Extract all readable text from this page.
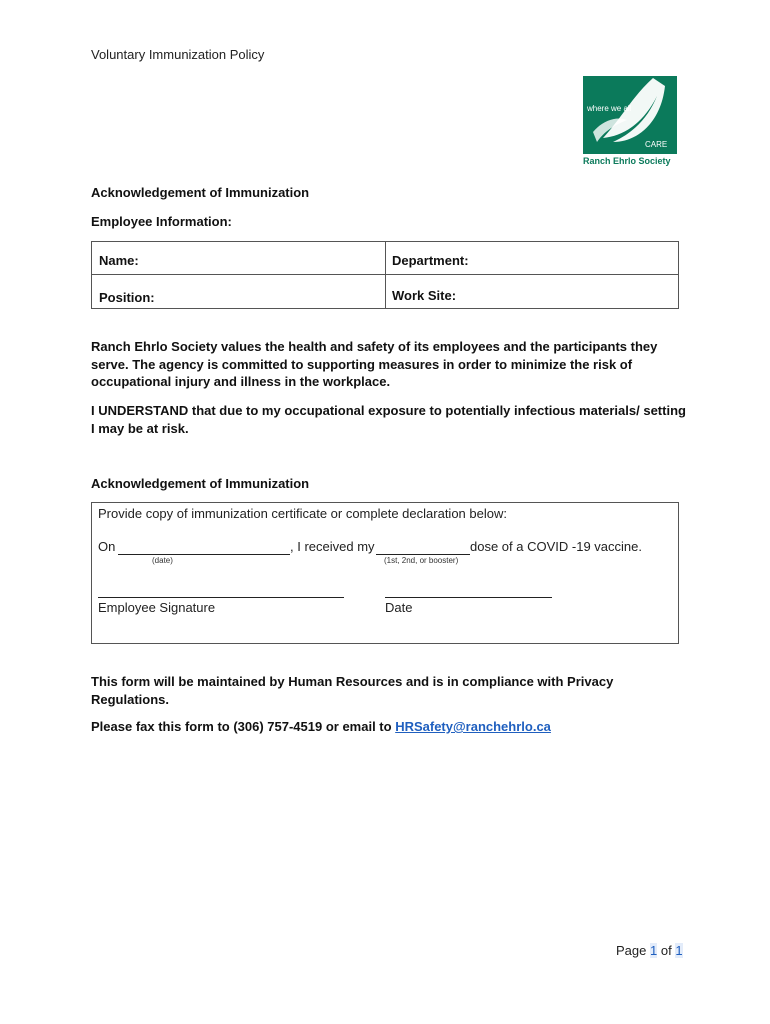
Voluntary Immunization Policy
where we all
CARE
Ranch Ehrlo Society
Acknowledgement of Immunization
Employee Information:
Name:	Department:
Position:	Work Site:
Ranch Ehrlo Society values the health and safety of its employees and the participants they serve. The agency is committed to supporting measures in order to minimize the risk of occupational injury and illness in the workplace.
I UNDERSTAND that due to my occupational exposure to potentially infectious materials/ setting I may be at risk.
Acknowledgement of Immunization
Provide copy of immunization certificate or complete declaration below:
On	, I received my	dose of a COVID -19 vaccine.
(date)	(1st, 2nd, or booster)
Employee Signature	Date
This form will be maintained by Human Resources and is in compliance with Privacy Regulations.
Please fax this form to (306) 757-4519 or email to HRSafety@ranchehrlo.ca
Page 1 of 1
